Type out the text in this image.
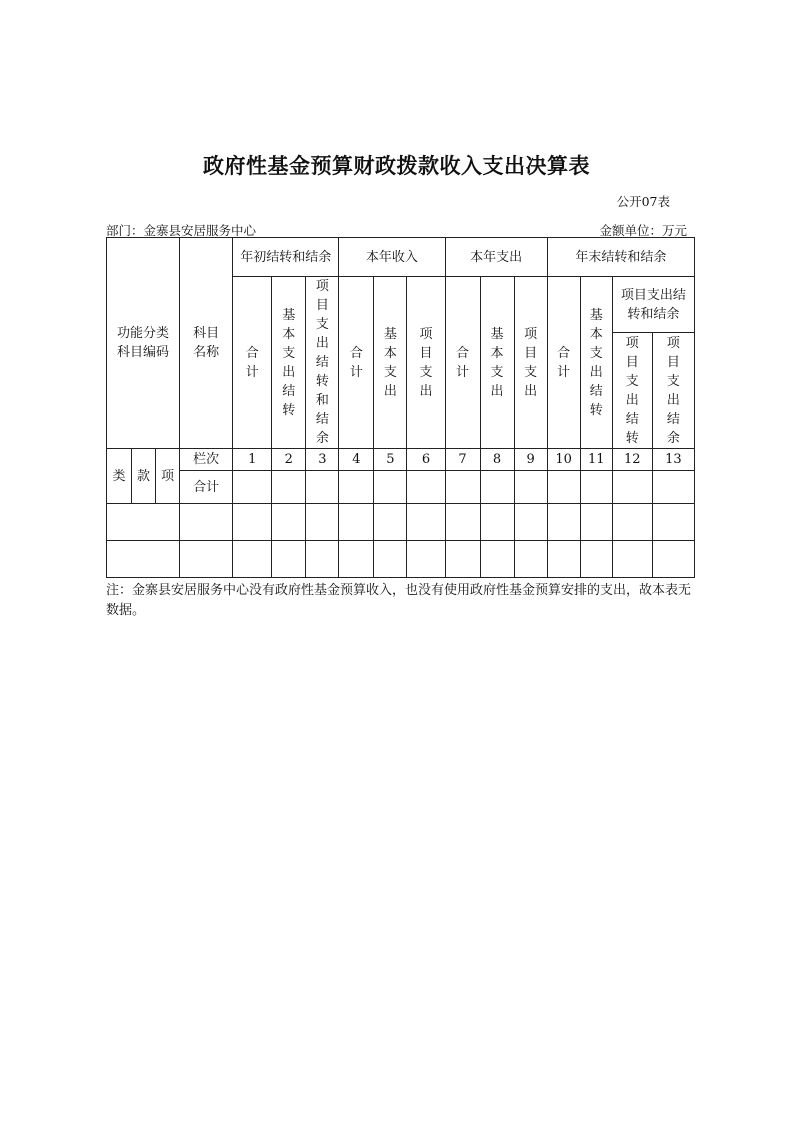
政府性基金预算财政拨款收入支出决算表
公开07表
部门：金寨县安居服务中心	金额单位：万元
功能分类科目编码			科目名称	年初结转和结余			本年收入			本年支出			年末结转和结余			

				合计	基本支出结转	项目支出结转和结余	合计	基本支出	项目支出	合计	基本支出	项目支出	合计	基本支出结转	项目支出结转和结余	

															项目支出结转	项目支出结余

类	款	项	栏次	1	2	3	4	5	6	7	8	9	10	11	12	13
			合计													

注：金寨县安居服务中心没有政府性基金预算收入，也没有使用政府性基金预算安排的支出，故本表无数据。
